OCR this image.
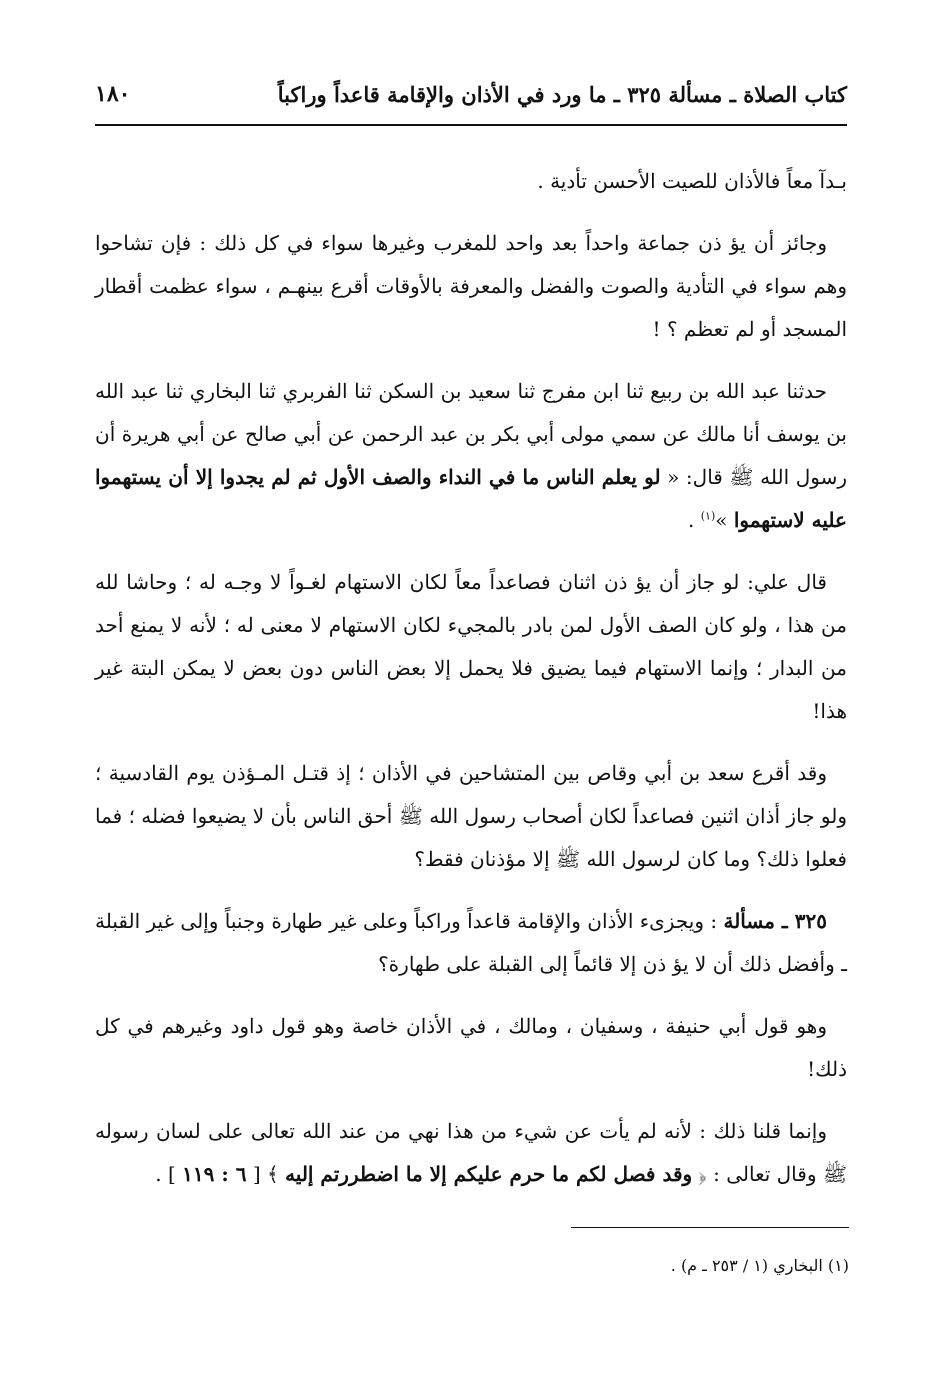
كتاب الصلاة ـ مسألة ٣٢٥ ـ ما ورد في الأذان والإقامة قاعداً وراكباً
١٨٠

بـدآ معاً فالأذان للصيت الأحسن تأدية .

وجائز أن يؤ ذن جماعة واحداً بعد واحد للمغرب وغيرها سواء في كل ذلك : فإن تشاحوا وهم سواء في التأدية والصوت والفضل والمعرفة بالأوقات أقرع بينهـم ، سواء عظمت أقطار المسجد أو لم تعظم ؟ !

حدثنا عبد الله بن ربيع ثنا ابن مفرج ثنا سعيد بن السكن ثنا الفربري ثنا البخاري ثنا عبد الله بن يوسف أنا مالك عن سمي مولى أبي بكر بن عبد الرحمن عن أبي صالح عن أبي هريرة أن رسول الله ﷺ قال: « لو يعلم الناس ما في النداء والصف الأول ثم لم يجدوا إلا أن يستهموا عليه لاستهموا »$^{(١)}$ .

قال علي: لو جاز أن يؤ ذن اثنان فصاعداً معاً لكان الاستهام لغـواً لا وجـه له ؛ وحاشا لله من هذا ، ولو كان الصف الأول لمن بادر بالمجيء لكان الاستهام لا معنى له ؛ لأنه لا يمنع أحد من البدار ؛ وإنما الاستهام فيما يضيق فلا يحمل إلا بعض الناس دون بعض لا يمكن البتة غير هذا!

وقد أقرع سعد بن أبي وقاص بين المتشاحين في الأذان ؛ إذ قتـل المـؤذن يوم القادسية ؛ ولو جاز أذان اثنين فصاعداً لكان أصحاب رسول الله ﷺ أحق الناس بأن لا يضيعوا فضله ؛ فما فعلوا ذلك؟ وما كان لرسول الله ﷺ إلا مؤذنان فقط؟

٣٢٥ ـ مسألة : ويجزىء الأذان والإقامة قاعداً وراكباً وعلى غير طهارة وجنباً وإلى غير القبلة ـ وأفضل ذلك أن لا يؤ ذن إلا قائماً إلى القبلة على طهارة؟

وهو قول أبي حنيفة ، وسفيان ، ومالك ، في الأذان خاصة وهو قول داود وغيرهم في كل ذلك!

وإنما قلنا ذلك : لأنه لم يأت عن شيء من هذا نهي من عند الله تعالى على لسان رسوله ﷺ وقال تعالى : ﴿ وقد فصل لكم ما حرم عليكم إلا ما اضطررتم إليه ﴾ [ ٦ : ١١٩ ] .

(١) البخاري (١ / ٢٥٣ ـ م) .
